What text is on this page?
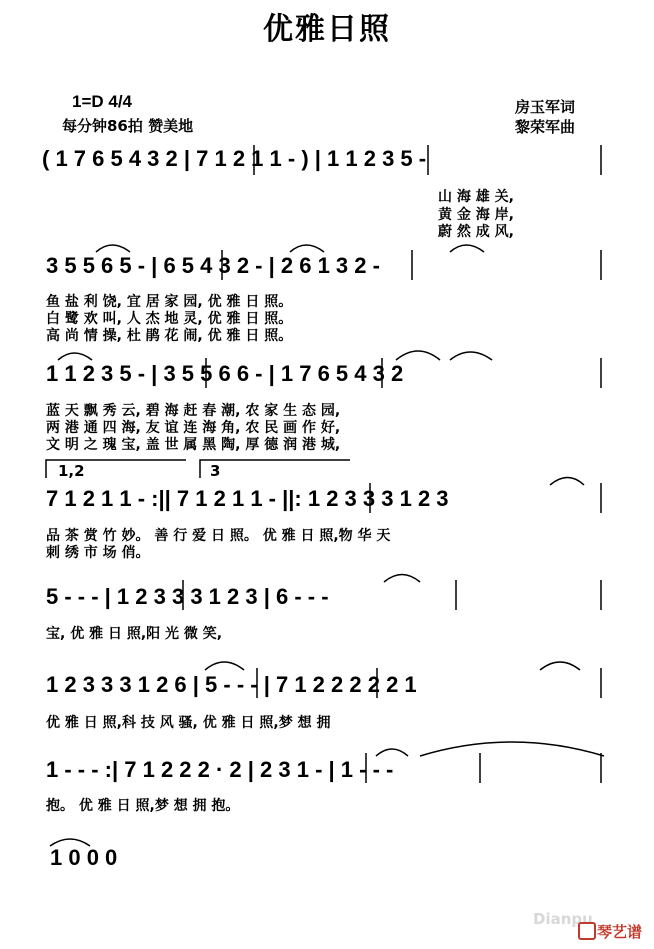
优雅日照
1=D 4/4
每分钟86拍 赞美地
房玉军词
黎荣军曲
( 1 7 6 5 4 3 2 | 7 1 2 1 1 - ) | 1 1 2 3 5 -
山 海 雄 关,
黄 金 海 岸,
蔚 然 成 风,
3 5 5 6 5 - | 6 5 4 3 2 - | 2 6 1 3 2 -
鱼 盐 利 饶, 宜 居 家 园, 优 雅 日 照。
白 鹭 欢 叫, 人 杰 地 灵, 优 雅 日 照。
高 尚 情 操, 杜 鹃 花 闹, 优 雅 日 照。
1 1 2 3 5 - | 3 5 5 6 6 - | 1 7 6 5 4 3 2
蓝 天 飘 秀 云, 碧 海 赶 春 潮, 农 家 生 态 园,
两 港 通 四 海, 友 谊 连 海 角, 农 民 画 作 好,
文 明 之 瑰 宝, 盖 世 属 黑 陶, 厚 德 润 港 城,
1,2	3
7 1 2 1 1 - :|| 7 1 2 1 1 - ||: 1 2 3 3 3 1 2 3
品 茶 赏 竹 妙。 善 行 爱 日 照。 优 雅 日 照,物 华 天
刺 绣 市 场 俏。
5 - - - | 1 2 3 3 3 1 2 3 | 6 - - -
宝, 优 雅 日 照,阳 光 微 笑,
1 2 3 3 3 1 2 6 | 5 - - - | 7 1 2 2 2 2 2 1
优 雅 日 照,科 技 风 骚, 优 雅 日 照,梦 想 拥
1 - - - :| 7 1 2 2 2 · 2 | 2 3 1 - | 1 - - -
抱。 优 雅 日 照,梦 想 拥 抱。
1 0 0 0
Dianpu
琴艺谱
